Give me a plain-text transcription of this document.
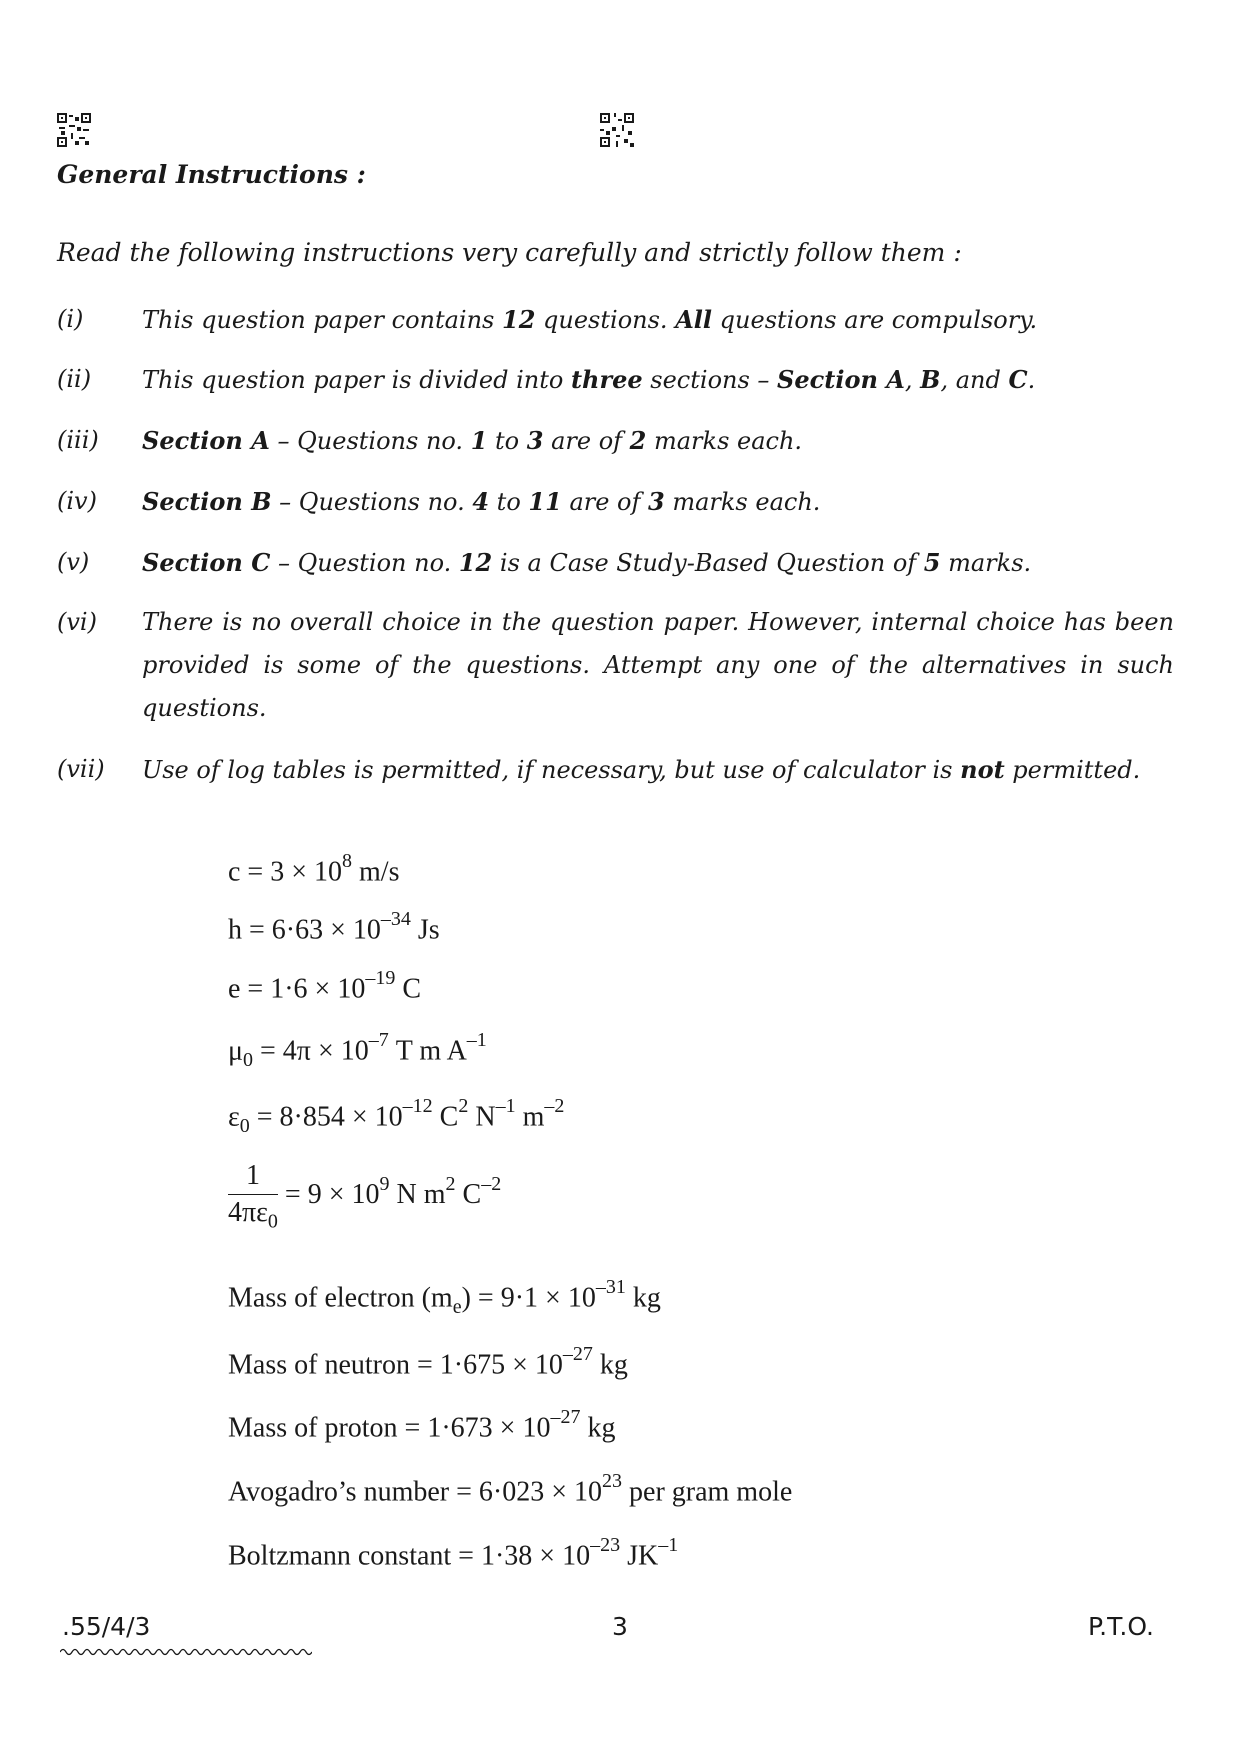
General Instructions :
Read the following instructions very carefully and strictly follow them :
(i) This question paper contains 12 questions. All questions are compulsory.
(ii) This question paper is divided into three sections – Section A, B, and C.
(iii) Section A – Questions no. 1 to 3 are of 2 marks each.
(iv) Section B – Questions no. 4 to 11 are of 3 marks each.
(v) Section C – Question no. 12 is a Case Study-Based Question of 5 marks.
(vi) There is no overall choice in the question paper. However, internal choice has been provided is some of the questions. Attempt any one of the alternatives in such questions.
(vii) Use of log tables is permitted, if necessary, but use of calculator is not permitted.
$c = 3 \times 10^8$ m/s
$h = 6\cdot 63 \times 10^{-34}$ Js
$e = 1\cdot 6 \times 10^{-19}$ C
$\mu_0 = 4\pi \times 10^{-7}$ T m $A^{-1}$
$\varepsilon_0 = 8\cdot 854 \times 10^{-12}$ $C^2$ $N^{-1}$ $m^{-2}$
$\frac{1}{4\pi\varepsilon_0} = 9 \times 10^9$ N $m^2$ $C^{-2}$
Mass of electron $(m_e) = 9\cdot 1 \times 10^{-31}$ kg
Mass of neutron = $1\cdot 675 \times 10^{-27}$ kg
Mass of proton = $1\cdot 673 \times 10^{-27}$ kg
Avogadro’s number = $6\cdot 023 \times 10^{23}$ per gram mole
Boltzmann constant = $1\cdot 38 \times 10^{-23}$ $JK^{-1}$
.55/4/3	3	P.T.O.
